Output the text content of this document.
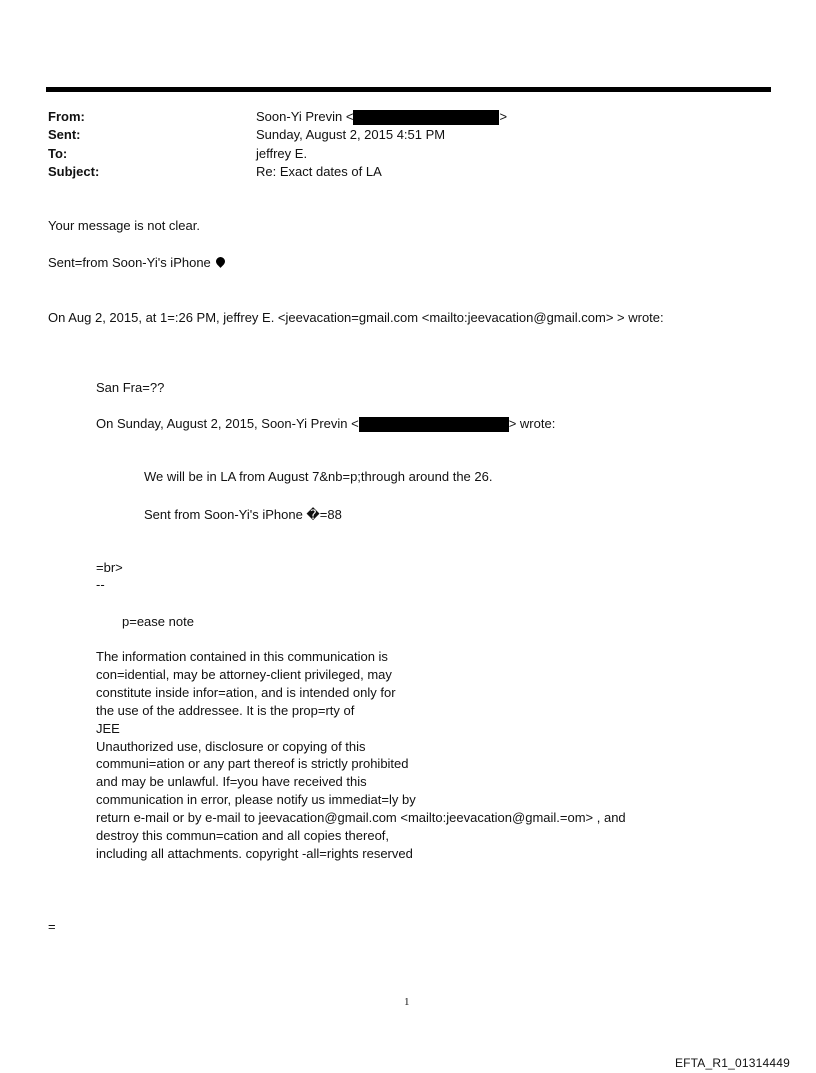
From:	Soon-Yi Previn <	>
Sent:	Sunday, August 2, 2015 4:51 PM
To:	jeffrey E.
Subject:	Re: Exact dates of LA
Your message is not clear.
Sent=from Soon-Yi's iPhone
On Aug 2, 2015, at 1=:26 PM, jeffrey E. <jeevacation=gmail.com <mailto:jeevacation@gmail.com> > wrote:
San Fra=??
On Sunday, August 2, 2015, Soon-Yi Previn <	> wrote:
We will be in LA from August 7&nb=p;through around the 26.
Sent from Soon-Yi's iPhone �=88
=br>
--
p=ease note
The information contained in this communication is
con=idential, may be attorney-client privileged, may
constitute inside infor=ation, and is intended only for
the use of the addressee. It is the prop=rty of
JEE
Unauthorized use, disclosure or copying of this
communi=ation or any part thereof is strictly prohibited
and may be unlawful. If=you have received this
communication in error, please notify us immediat=ly by
return e-mail or by e-mail to jeevacation@gmail.com <mailto:jeevacation@gmail.=om> , and
destroy this commun=cation and all copies thereof,
including all attachments. copyright -all=rights reserved
=
1
EFTA_R1_01314449
